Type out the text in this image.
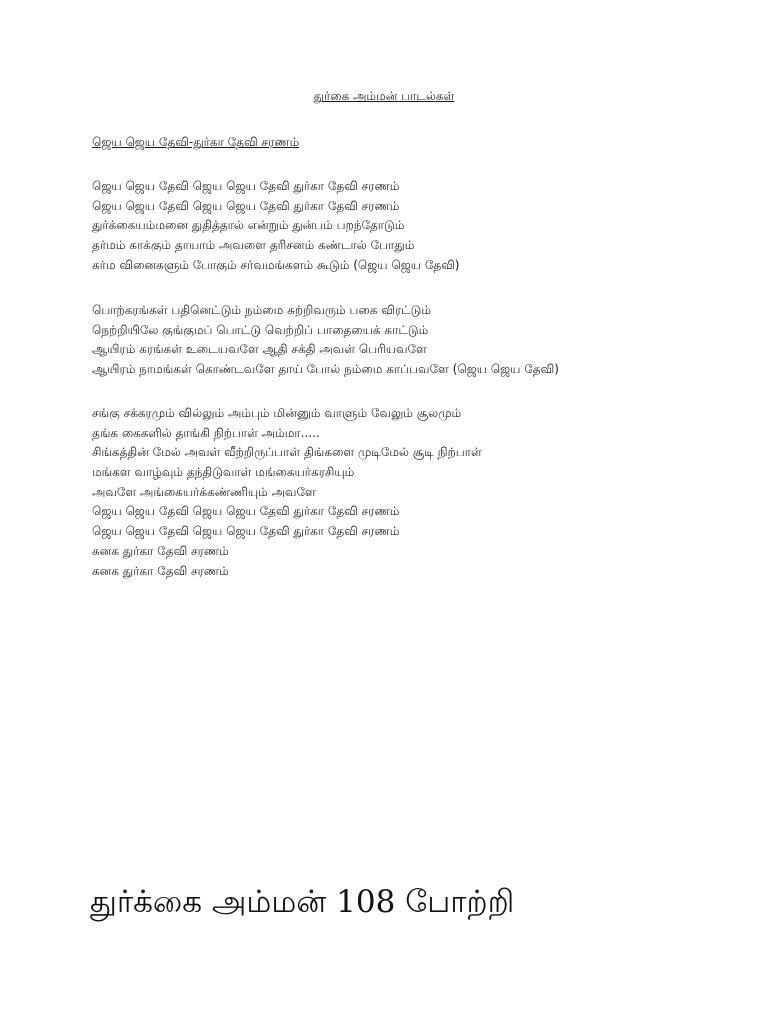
துர்கை அம்மன் பாடல்கள்
ஜெய ஜெய தேவி-துர்கா தேவி சரணம்
ஜெய ஜெய தேவி ஜெய ஜெய தேவி துர்கா தேவி சரணம்
ஜெய ஜெய தேவி ஜெய ஜெய தேவி துர்கா தேவி சரணம்
துர்க்கையம்மனை துதித்தால் என்றும் துன்பம் பறந்தோடும்
தர்மம் காக்கும் தாயாம் அவளை தரிசனம் கண்டால் போதும்
கர்ம வினைகளும் போகும் சர்வமங்களம் கூடும் (ஜெய ஜெய தேவி)
பொற்கரங்கள் பதினெட்டும் நம்மை சுற்றிவரும் பகை விரட்டும்
நெற்றியிலே குங்குமப் பொட்டு வெற்றிப் பாதையைக் காட்டும்
ஆயிரம் கரங்கள் உடையவளே ஆதி சக்தி அவள் பெரியவளே
ஆயிரம் நாமங்கள் கொண்டவளே தாய் போல் நம்மை காப்பவளே (ஜெய ஜெய தேவி)
சங்கு சக்கரமும் வில்லும் அம்பும் மின்னும் வாளும் வேலும் சூலமும்
தங்க கைகளில் தாங்கி நிற்பாள் அம்மா.....
சிங்கத்தின் மேல் அவள் வீற்றிருப்பாள் திங்களை முடிமேல் சூடி நிற்பாள்
மங்கள வாழ்வும் தந்திடுவாள் மங்கையர்கரசியும்
அவளே அங்கையர்க்கண்ணியும் அவளே
ஜெய ஜெய தேவி ஜெய ஜெய தேவி துர்கா தேவி சரணம்
ஜெய ஜெய தேவி ஜெய ஜெய தேவி துர்கா தேவி சரணம்
கனக துர்கா தேவி சரணம்
கனக துர்கா தேவி சரணம்
துர்க்கை அம்மன் 108 போற்றி
